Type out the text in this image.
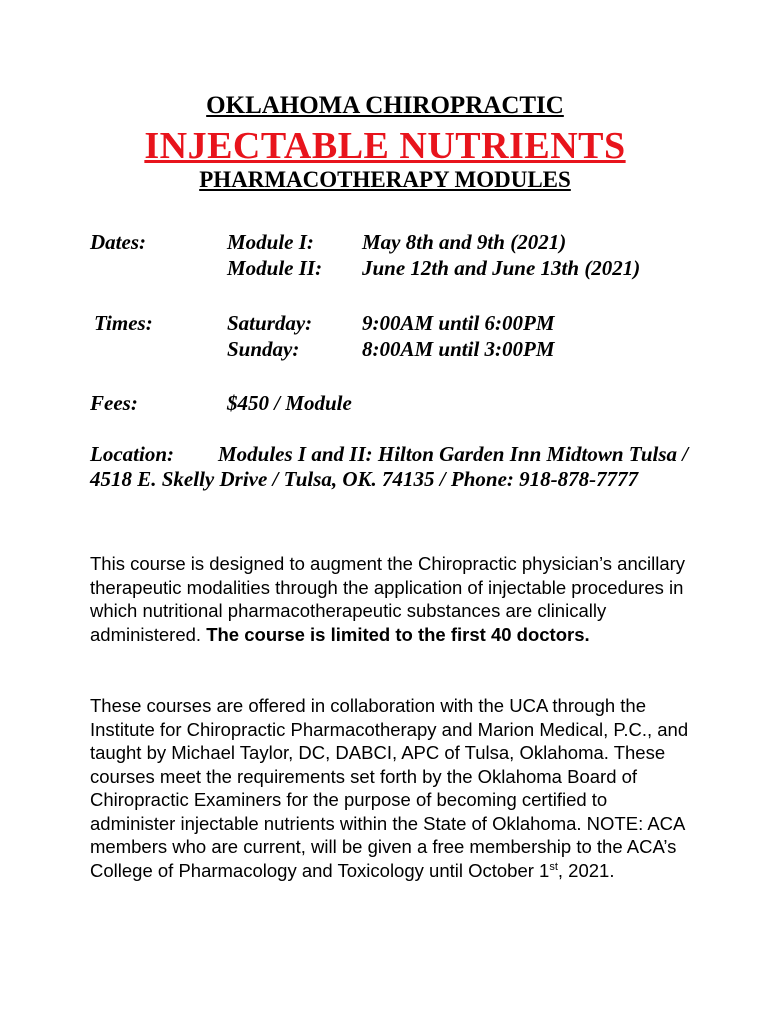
OKLAHOMA CHIROPRACTIC
INJECTABLE NUTRIENTS
PHARMACOTHERAPY MODULES
Dates:	Module I: May 8th and 9th (2021)
Module II: June 12th and June 13th (2021)
Times:	Saturday: 9:00AM until 6:00PM
Sunday:	8:00AM until 3:00PM
Fees:	$450 / Module
Location: Modules I and II: Hilton Garden Inn Midtown Tulsa / 4518 E. Skelly Drive / Tulsa, OK. 74135 / Phone: 918-878-7777
This course is designed to augment the Chiropractic physician’s ancillary therapeutic modalities through the application of injectable procedures in which nutritional pharmacotherapeutic substances are clinically administered. The course is limited to the first 40 doctors.
These courses are offered in collaboration with the UCA through the Institute for Chiropractic Pharmacotherapy and Marion Medical, P.C., and taught by Michael Taylor, DC, DABCI, APC of Tulsa, Oklahoma. These courses meet the requirements set forth by the Oklahoma Board of Chiropractic Examiners for the purpose of becoming certified to administer injectable nutrients within the State of Oklahoma. NOTE: ACA members who are current, will be given a free membership to the ACA’s College of Pharmacology and Toxicology until October 1st, 2021.
